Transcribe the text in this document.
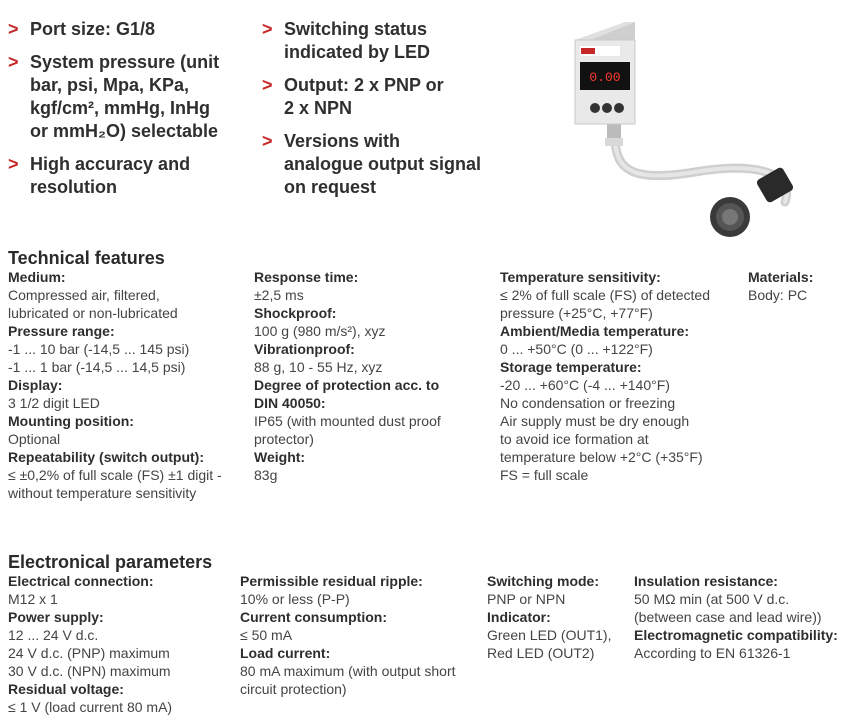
> Port size: G1/8
> System pressure (unit
bar, psi, Mpa, KPa,
kgf/cm², mmHg, InHg
or mmH₂O) selectable
> High accuracy and
resolution
> Switching status
indicated by LED
> Output: 2 x PNP or
2 x NPN
> Versions with
analogue output signal
on request
0.00
Technical features
Medium:
Compressed air, filtered,
lubricated or non-lubricated
Pressure range:
-1 ... 10 bar (-14,5 ... 145 psi)
-1 ... 1 bar (-14,5 ... 14,5 psi)
Display:
3 1/2 digit LED
Mounting position:
Optional
Repeatability (switch output):
≤ ±0,2% of full scale (FS) ±1 digit -
without temperature sensitivity
Response time:
±2,5 ms
Shockproof:
100 g (980 m/s²), xyz
Vibrationproof:
88 g, 10 - 55 Hz, xyz
Degree of protection acc. to
DIN 40050:
IP65 (with mounted dust proof
protector)
Weight:
83g
Temperature sensitivity:
≤ 2% of full scale (FS) of detected
pressure (+25°C, +77°F)
Ambient/Media temperature:
0 ... +50°C (0 ... +122°F)
Storage temperature:
-20 ... +60°C (-4 ... +140°F)
No condensation or freezing
Air supply must be dry enough
to avoid ice formation at
temperature below +2°C (+35°F)
FS = full scale
Materials:
Body: PC
Electronical parameters
Electrical connection:
M12 x 1
Power supply:
12 ... 24 V d.c.
24 V d.c. (PNP) maximum
30 V d.c. (NPN) maximum
Residual voltage:
≤ 1 V (load current 80 mA)
Permissible residual ripple:
10% or less (P-P)
Current consumption:
≤ 50 mA
Load current:
80 mA maximum (with output short
circuit protection)
Switching mode:
PNP or NPN
Indicator:
Green LED (OUT1),
Red LED (OUT2)
Insulation resistance:
50 MΩ min (at 500 V d.c.
(between case and lead wire))
Electromagnetic compatibility:
According to EN 61326-1
